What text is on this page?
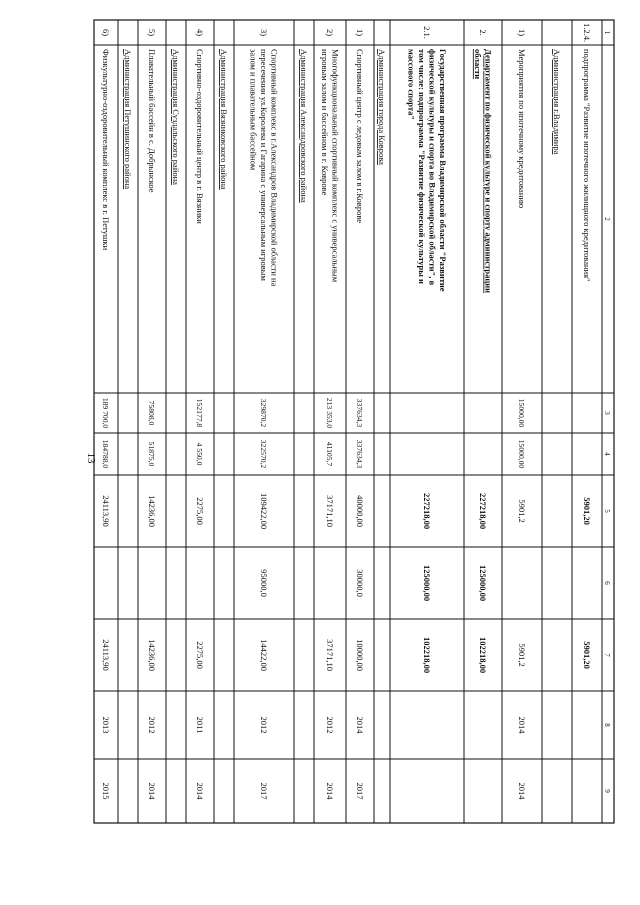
13
1
2
3
4
5
6
7
8
9
1.2.4.
подпрограмма "Развитие ипотечного жилищного кредитования"
5901,20
5901,20
Администрация г.Владимира
1)
Мероприятия по ипотечному кредитованию
15000,00
15000,00
5901,2
5901,2
2014
2014
2.
Департамент по физической культуре и спорту администрации
области
227218,00
125000,00
102218,00
2.1.
Государственная программа Владимирской области "Развитие
физической культуры и спорта во Владимирской области", в
том числе: подпрограмма "Развитие физической культуры и
массового спорта"
227218,00
125000,00
102218,00
Администрация города Коврова
1)
Спортивный центр с ледовым залом в г.Коврове
337634,3
337634,3
40000,00
30000,0
10000,00
2014
2017
2)
Многофункциональный спортивный комплекс с универсальным
игровым залом и бассейном в г. Коврове
213 353,0
41105,7
37171,10
37171,10
2012
2014
Администрация Александровского района
3)
Спортивный комплекс в г.Александров Владимирской области на
пересечении ул.Королева и Гагарина с универсальным игровым
залом и плавательным бассейном
329870,2
322570,2
109422,00
95000,0
14422,00
2012
2017
Администрация Вязниковского района
4)
Спортивно-оздоровительный центр в г. Вязники
152177,8
4 550,0
2275,00
2275,00
2011
2014
Администрация Суздальского района
5)
Плавательный бассейн в с. Добрынское
75808,0
51875,0
14236,00
14236,00
2012
2014
Администрация Петушинского района
6)
Физкультурно-оздоровительный комплекс в г. Петушки
189 700,0
184788,0
24113,90
24113,90
2013
2015
